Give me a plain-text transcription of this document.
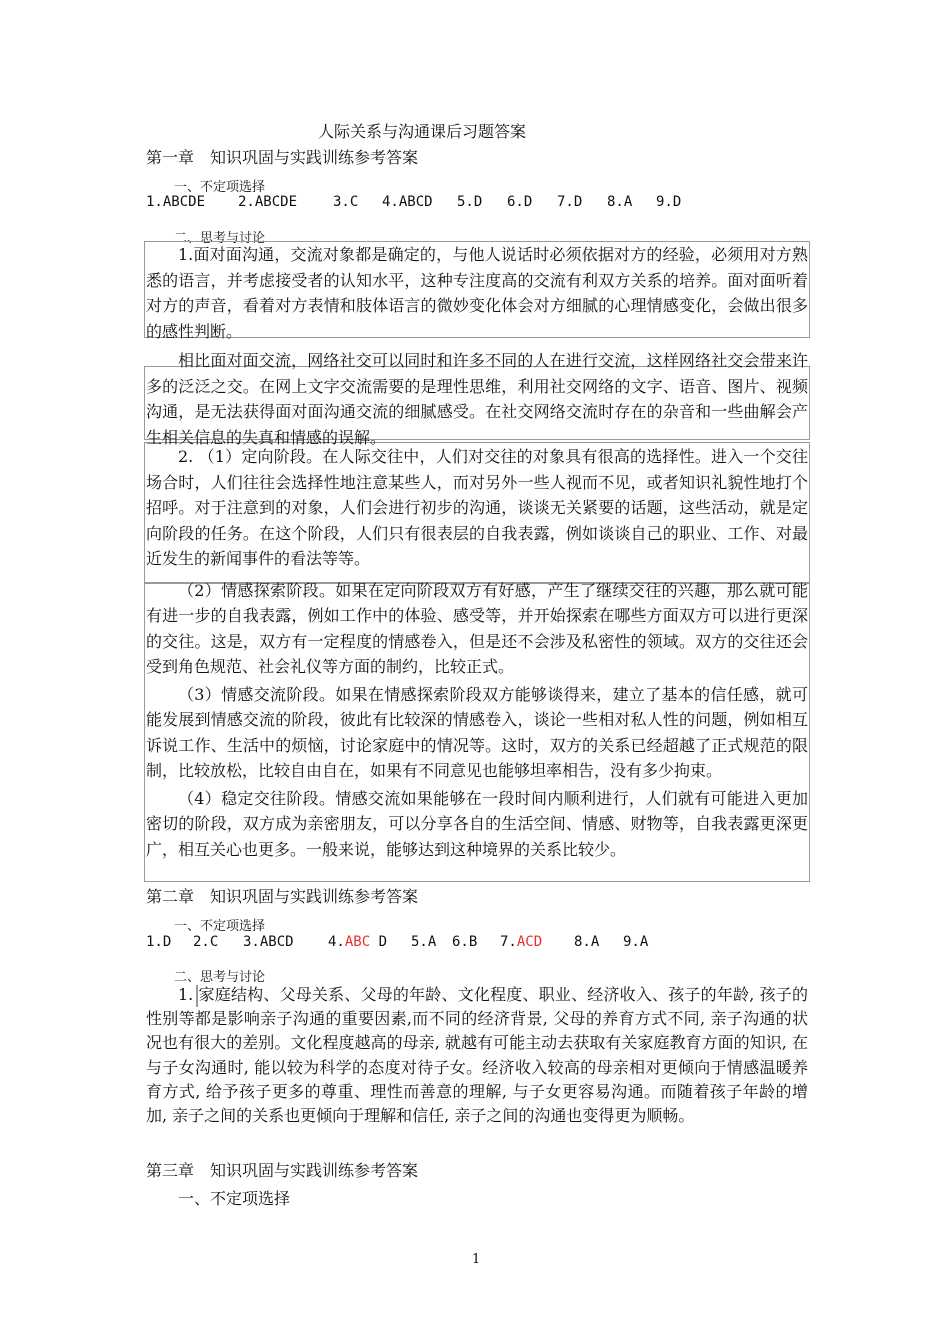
人际关系与沟通课后习题答案
第一章　知识巩固与实践训练参考答案
一、不定项选择
1.ABCDE 2.ABCDE	3.C 4.ABCD 5.D 6.D 7.D 8.A 9.D
二、思考与讨论

1.面对面沟通，交流对象都是确定的，与他人说话时必须依据对方的经验，必须用对方熟悉的语言，并考虑接受者的认知水平，这种专注度高的交流有利双方关系的培养。面对面听着对方的声音，看着对方表情和肢体语言的微妙变化体会对方细腻的心理情感变化，会做出很多的感性判断。

相比面对面交流，网络社交可以同时和许多不同的人在进行交流，这样网络社交会带来许多的泛泛之交。在网上文字交流需要的是理性思维，利用社交网络的文字、语音、图片、视频沟通，是无法获得面对面沟通交流的细腻感受。在社交网络交流时存在的杂音和一些曲解会产生相关信息的失真和情感的误解。

2. （1）定向阶段。在人际交往中，人们对交往的对象具有很高的选择性。进入一个交往场合时，人们往往会选择性地注意某些人，而对另外一些人视而不见，或者知识礼貌性地打个招呼。对于注意到的对象，人们会进行初步的沟通，谈谈无关紧要的话题，这些活动，就是定向阶段的任务。在这个阶段，人们只有很表层的自我表露，例如谈谈自己的职业、工作、对最近发生的新闻事件的看法等等。

（2）情感探索阶段。如果在定向阶段双方有好感，产生了继续交往的兴趣，那么就可能有进一步的自我表露，例如工作中的体验、感受等，并开始探索在哪些方面双方可以进行更深的交往。这是，双方有一定程度的情感卷入，但是还不会涉及私密性的领域。双方的交往还会受到角色规范、社会礼仪等方面的制约，比较正式。

（3）情感交流阶段。如果在情感探索阶段双方能够谈得来，建立了基本的信任感，就可能发展到情感交流的阶段，彼此有比较深的情感卷入，谈论一些相对私人性的问题，例如相互诉说工作、生活中的烦恼，讨论家庭中的情况等。这时，双方的关系已经超越了正式规范的限制，比较放松，比较自由自在，如果有不同意见也能够坦率相告，没有多少拘束。

（4）稳定交往阶段。情感交流如果能够在一段时间内顺利进行，人们就有可能进入更加密切的阶段，双方成为亲密朋友，可以分享各自的生活空间、情感、财物等，自我表露更深更广，相互关心也更多。一般来说，能够达到这种境界的关系比较少。

第二章　知识巩固与实践训练参考答案
一、不定项选择
1.D 2.C 3.ABCD 4.ABC D 5.A 6.B 7.ACD 8.A 9.A
二、思考与讨论

1. 家庭结构、父母关系、父母的年龄、文化程度、职业、经济收入、孩子的年龄, 孩子的性别等都是影响亲子沟通的重要因素,而不同的经济背景, 父母的养育方式不同, 亲子沟通的状况也有很大的差别。文化程度越高的母亲, 就越有可能主动去获取有关家庭教育方面的知识, 在与子女沟通时, 能以较为科学的态度对待子女。经济收入较高的母亲相对更倾向于情感温暖养育方式, 给予孩子更多的尊重、理性而善意的理解, 与子女更容易沟通。而随着孩子年龄的增加, 亲子之间的关系也更倾向于理解和信任, 亲子之间的沟通也变得更为顺畅。

第三章　知识巩固与实践训练参考答案
一、不定项选择
1
